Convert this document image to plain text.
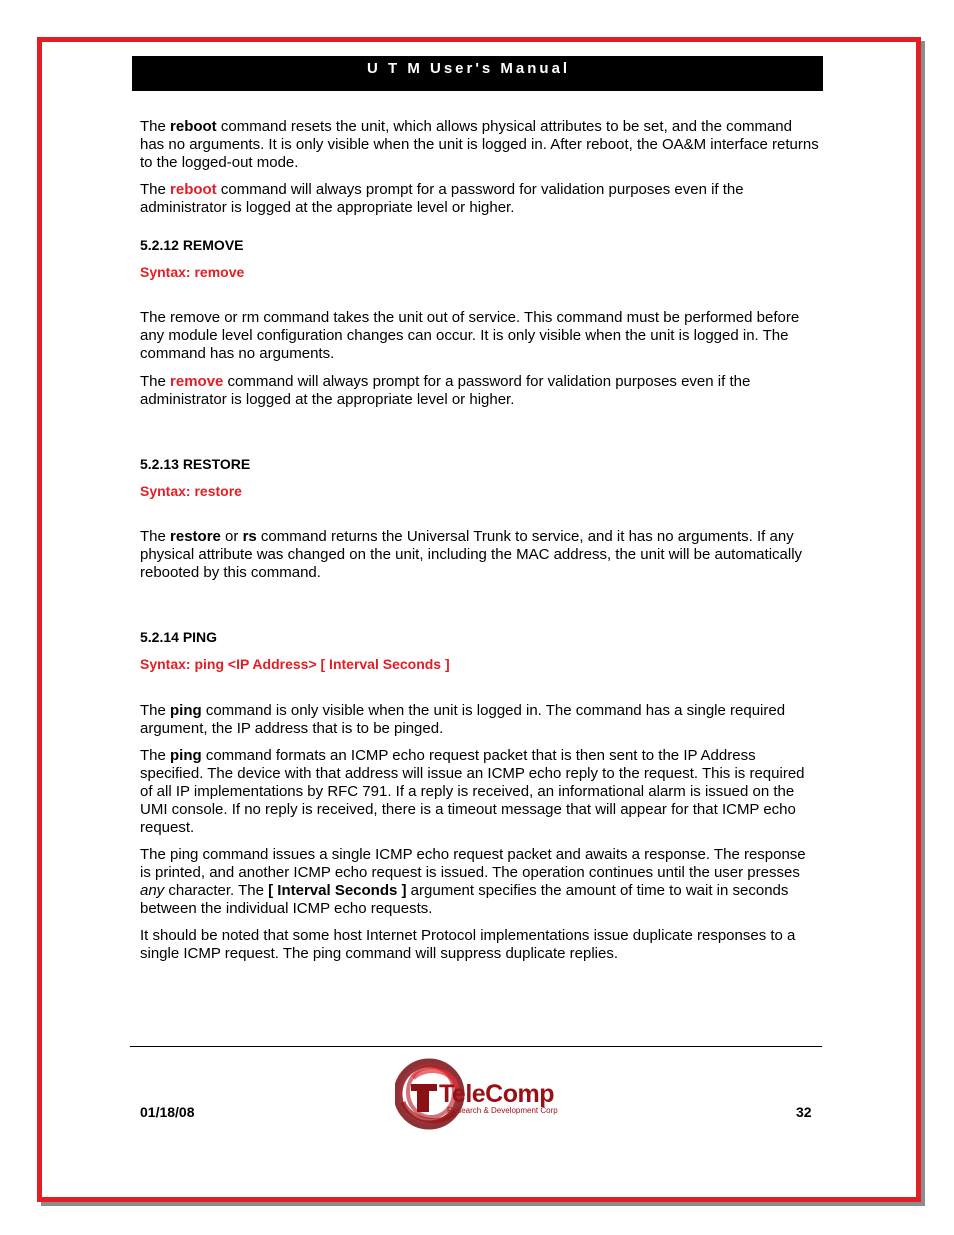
U T M User's Manual

The reboot command resets the unit, which allows physical attributes to be set, and the command has no arguments. It is only visible when the unit is logged in. After reboot, the OA&M interface returns to the logged-out mode.

The reboot command will always prompt for a password for validation purposes even if the administrator is logged at the appropriate level or higher.

5.2.12 REMOVE

Syntax: remove

The remove or rm command takes the unit out of service. This command must be performed before any module level configuration changes can occur. It is only visible when the unit is logged in. The command has no arguments.

The remove command will always prompt for a password for validation purposes even if the administrator is logged at the appropriate level or higher.

5.2.13 RESTORE

Syntax: restore

The restore or rs command returns the Universal Trunk to service, and it has no arguments. If any physical attribute was changed on the unit, including the MAC address, the unit will be automatically rebooted by this command.

5.2.14 PING

Syntax: ping <IP Address> [ Interval Seconds ]

The ping command is only visible when the unit is logged in. The command has a single required argument, the IP address that is to be pinged.

The ping command formats an ICMP echo request packet that is then sent to the IP Address specified. The device with that address will issue an ICMP echo reply to the request. This is required of all IP implementations by RFC 791. If a reply is received, an informational alarm is issued on the UMI console. If no reply is received, there is a timeout message that will appear for that ICMP echo request.

The ping command issues a single ICMP echo request packet and awaits a response. The response is printed, and another ICMP echo request is issued. The operation continues until the user presses any character. The [ Interval Seconds ] argument specifies the amount of time to wait in seconds between the individual ICMP echo requests.

It should be noted that some host Internet Protocol implementations issue duplicate responses to a single ICMP request. The ping command will suppress duplicate replies.

01/18/08	32
TeleComp
Research & Development Corp
